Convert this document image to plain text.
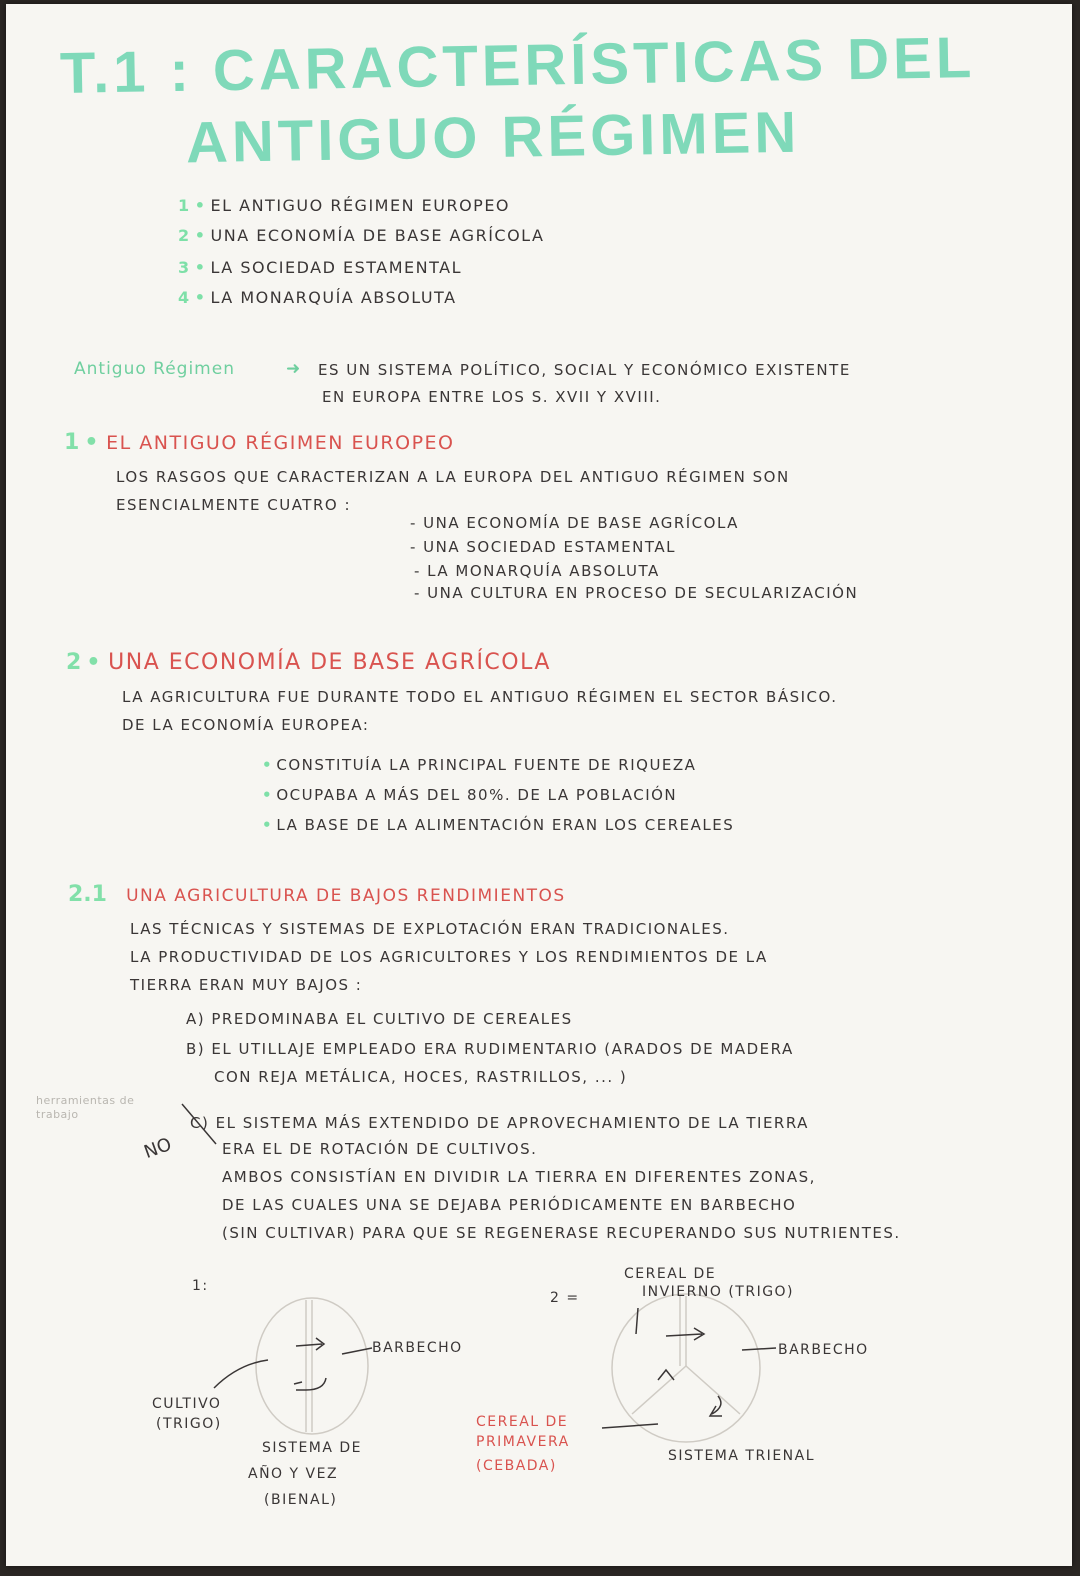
T.1 : CARACTERÍSTICAS DEL
ANTIGUO RÉGIMEN
1 • EL ANTIGUO RÉGIMEN EUROPEO
2 • UNA ECONOMÍA DE BASE AGRÍCOLA
3 • LA SOCIEDAD ESTAMENTAL
4 • LA MONARQUÍA ABSOLUTA
Antiguo Régimen	➜ ES UN SISTEMA POLÍTICO, SOCIAL Y ECONÓMICO EXISTENTE
EN EUROPA ENTRE LOS S. XVII Y XVIII.
1 • EL ANTIGUO RÉGIMEN EUROPEO
LOS RASGOS QUE CARACTERIZAN A LA EUROPA DEL ANTIGUO RÉGIMEN SON
ESENCIALMENTE CUATRO :
- UNA ECONOMÍA DE BASE AGRÍCOLA
- UNA SOCIEDAD ESTAMENTAL
- LA MONARQUÍA ABSOLUTA
- UNA CULTURA EN PROCESO DE SECULARIZACIÓN
2 • UNA ECONOMÍA DE BASE AGRÍCOLA
LA AGRICULTURA FUE DURANTE TODO EL ANTIGUO RÉGIMEN EL SECTOR BÁSICO.
DE LA ECONOMÍA EUROPEA:
• CONSTITUÍA LA PRINCIPAL FUENTE DE RIQUEZA
• OCUPABA A MÁS DEL 80%. DE LA POBLACIÓN
• LA BASE DE LA ALIMENTACIÓN ERAN LOS CEREALES
2.1 UNA AGRICULTURA DE BAJOS RENDIMIENTOS
LAS TÉCNICAS Y SISTEMAS DE EXPLOTACIÓN ERAN TRADICIONALES.
LA PRODUCTIVIDAD DE LOS AGRICULTORES Y LOS RENDIMIENTOS DE LA
TIERRA ERAN MUY BAJOS :
A) PREDOMINABA EL CULTIVO DE CEREALES
B) EL UTILLAJE EMPLEADO ERA RUDIMENTARIO (ARADOS DE MADERA
CON REJA METÁLICA, HOCES, RASTRILLOS, ... )
herramientas de trabajo
NO
C) EL SISTEMA MÁS EXTENDIDO DE APROVECHAMIENTO DE LA TIERRA
ERA EL DE ROTACIÓN DE CULTIVOS.
AMBOS CONSISTÍAN EN DIVIDIR LA TIERRA EN DIFERENTES ZONAS,
DE LAS CUALES UNA SE DEJABA PERIÓDICAMENTE EN BARBECHO
(SIN CULTIVAR) PARA QUE SE REGENERASE RECUPERANDO SUS NUTRIENTES.
1:
BARBECHO
CULTIVO
(TRIGO)
SISTEMA DE
AÑO Y VEZ
(BIENAL)
2 =
CEREAL DE
INVIERNO (TRIGO)
BARBECHO
CEREAL DE
PRIMAVERA
(CEBADA)
SISTEMA TRIENAL
